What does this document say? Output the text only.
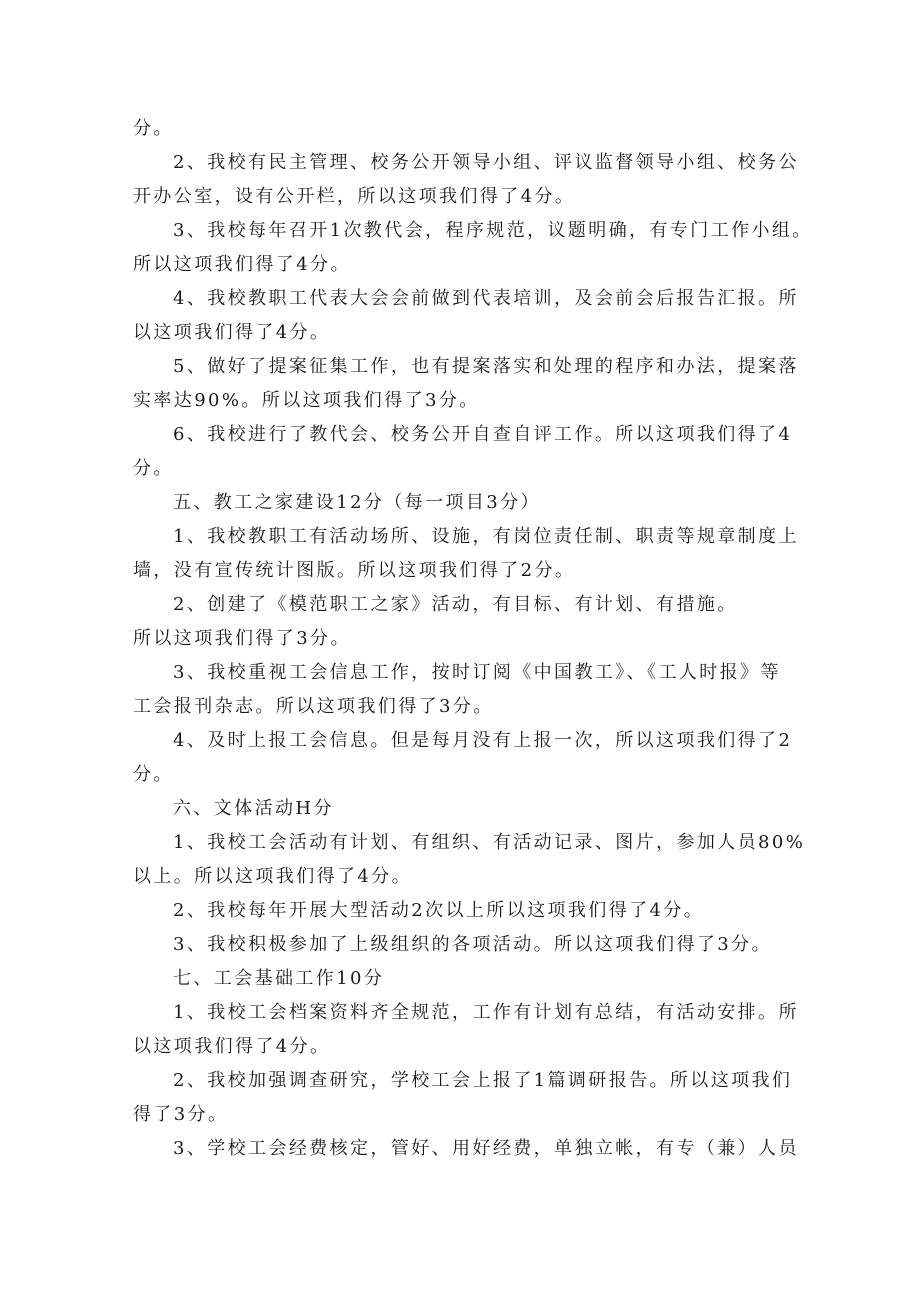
分。
2、我校有民主管理、校务公开领导小组、评议监督领导小组、校务公
开办公室，设有公开栏，所以这项我们得了4分。
3、我校每年召开1次教代会，程序规范，议题明确，有专门工作小组。
所以这项我们得了4分。
4、我校教职工代表大会会前做到代表培训，及会前会后报告汇报。所
以这项我们得了4分。
5、做好了提案征集工作，也有提案落实和处理的程序和办法，提案落
实率达90%。所以这项我们得了3分。
6、我校进行了教代会、校务公开自查自评工作。所以这项我们得了4
分。
五、教工之家建设12分（每一项目3分）
1、我校教职工有活动场所、设施，有岗位责任制、职责等规章制度上
墙，没有宣传统计图版。所以这项我们得了2分。
2、创建了《模范职工之家》活动，有目标、有计划、有措施。
所以这项我们得了3分。
3、我校重视工会信息工作，按时订阅《中国教工》、《工人时报》等
工会报刊杂志。所以这项我们得了3分。
4、及时上报工会信息。但是每月没有上报一次，所以这项我们得了2
分。
六、文体活动H分
1、我校工会活动有计划、有组织、有活动记录、图片，参加人员80%
以上。所以这项我们得了4分。
2、我校每年开展大型活动2次以上所以这项我们得了4分。
3、我校积极参加了上级组织的各项活动。所以这项我们得了3分。
七、工会基础工作10分
1、我校工会档案资料齐全规范，工作有计划有总结，有活动安排。所
以这项我们得了4分。
2、我校加强调查研究，学校工会上报了1篇调研报告。所以这项我们
得了3分。
3、学校工会经费核定，管好、用好经费，单独立帐，有专（兼）人员
